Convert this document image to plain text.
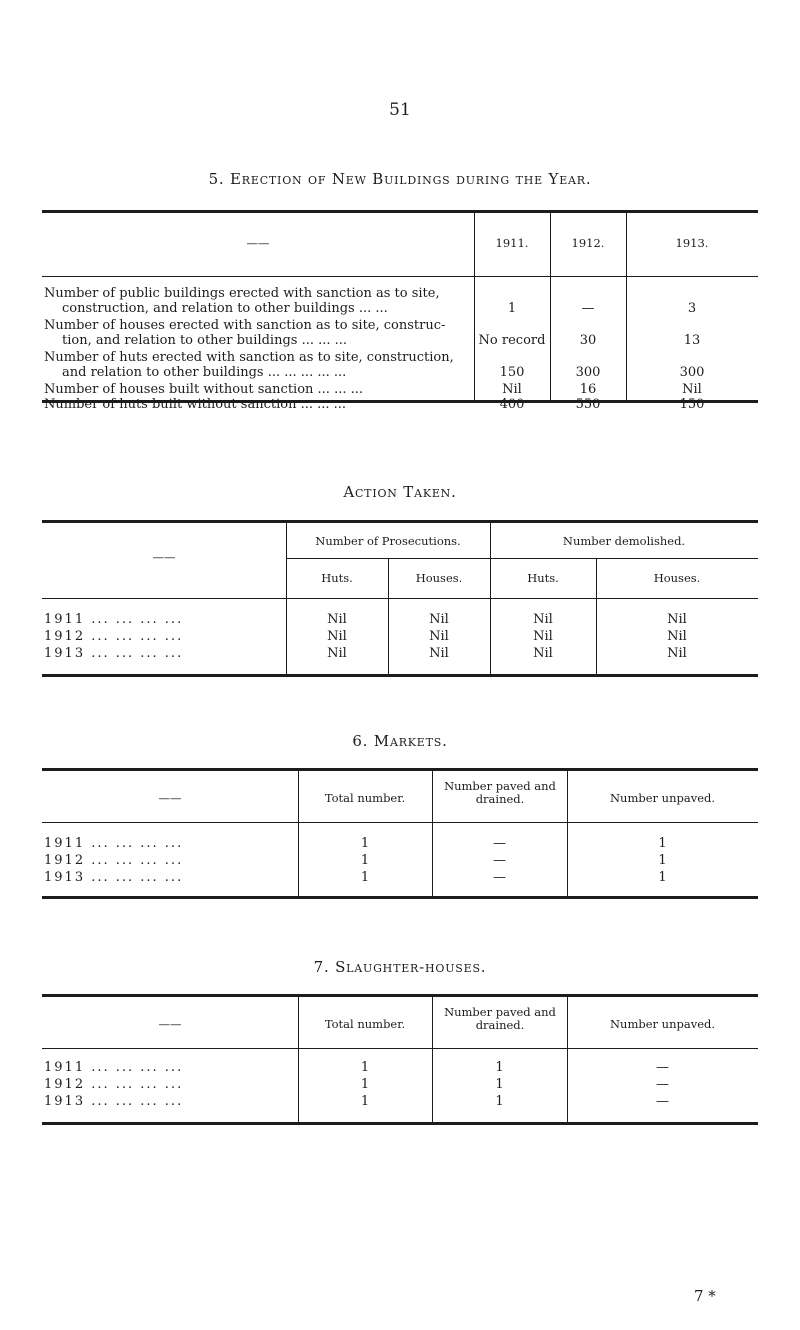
51
5. Erection of New Buildings during the Year.
——	1911.	1912.	1913.
Number of public buildings erected with sanction as to site,
construction, and relation to other buildings ... ...	1	—	3
Number of houses erected with sanction as to site, construc-
tion, and relation to other buildings ... ... ...	No record	30	13
Number of huts erected with sanction as to site, construction,
and relation to other buildings ... ... ... ... ...	150	300	300
Number of houses built without sanction ... ... ...	Nil	16	Nil
Number of huts built without sanction ... ... ...	400	550	150
Action Taken.
——
Number of Prosecutions.	Number demolished.
Huts.	Houses.	Huts.	Houses.
1911 ... ... ... ...	Nil	Nil	Nil	Nil
1912 ... ... ... ...	Nil	Nil	Nil	Nil
1913 ... ... ... ...	Nil	Nil	Nil	Nil
6. Markets.
——	Total number.
Number paved and drained.	Number unpaved.
1911 ... ... ... ...	1	—	1
1912 ... ... ... ...	1	—	1
1913 ... ... ... ...	1	—	1
7. Slaughter-houses.
——	Total number.
Number paved and drained.	Number unpaved.
1911 ... ... ... ...	1	1	—
1912 ... ... ... ...	1	1	—
1913 ... ... ... ...	1	1	—
7 *
